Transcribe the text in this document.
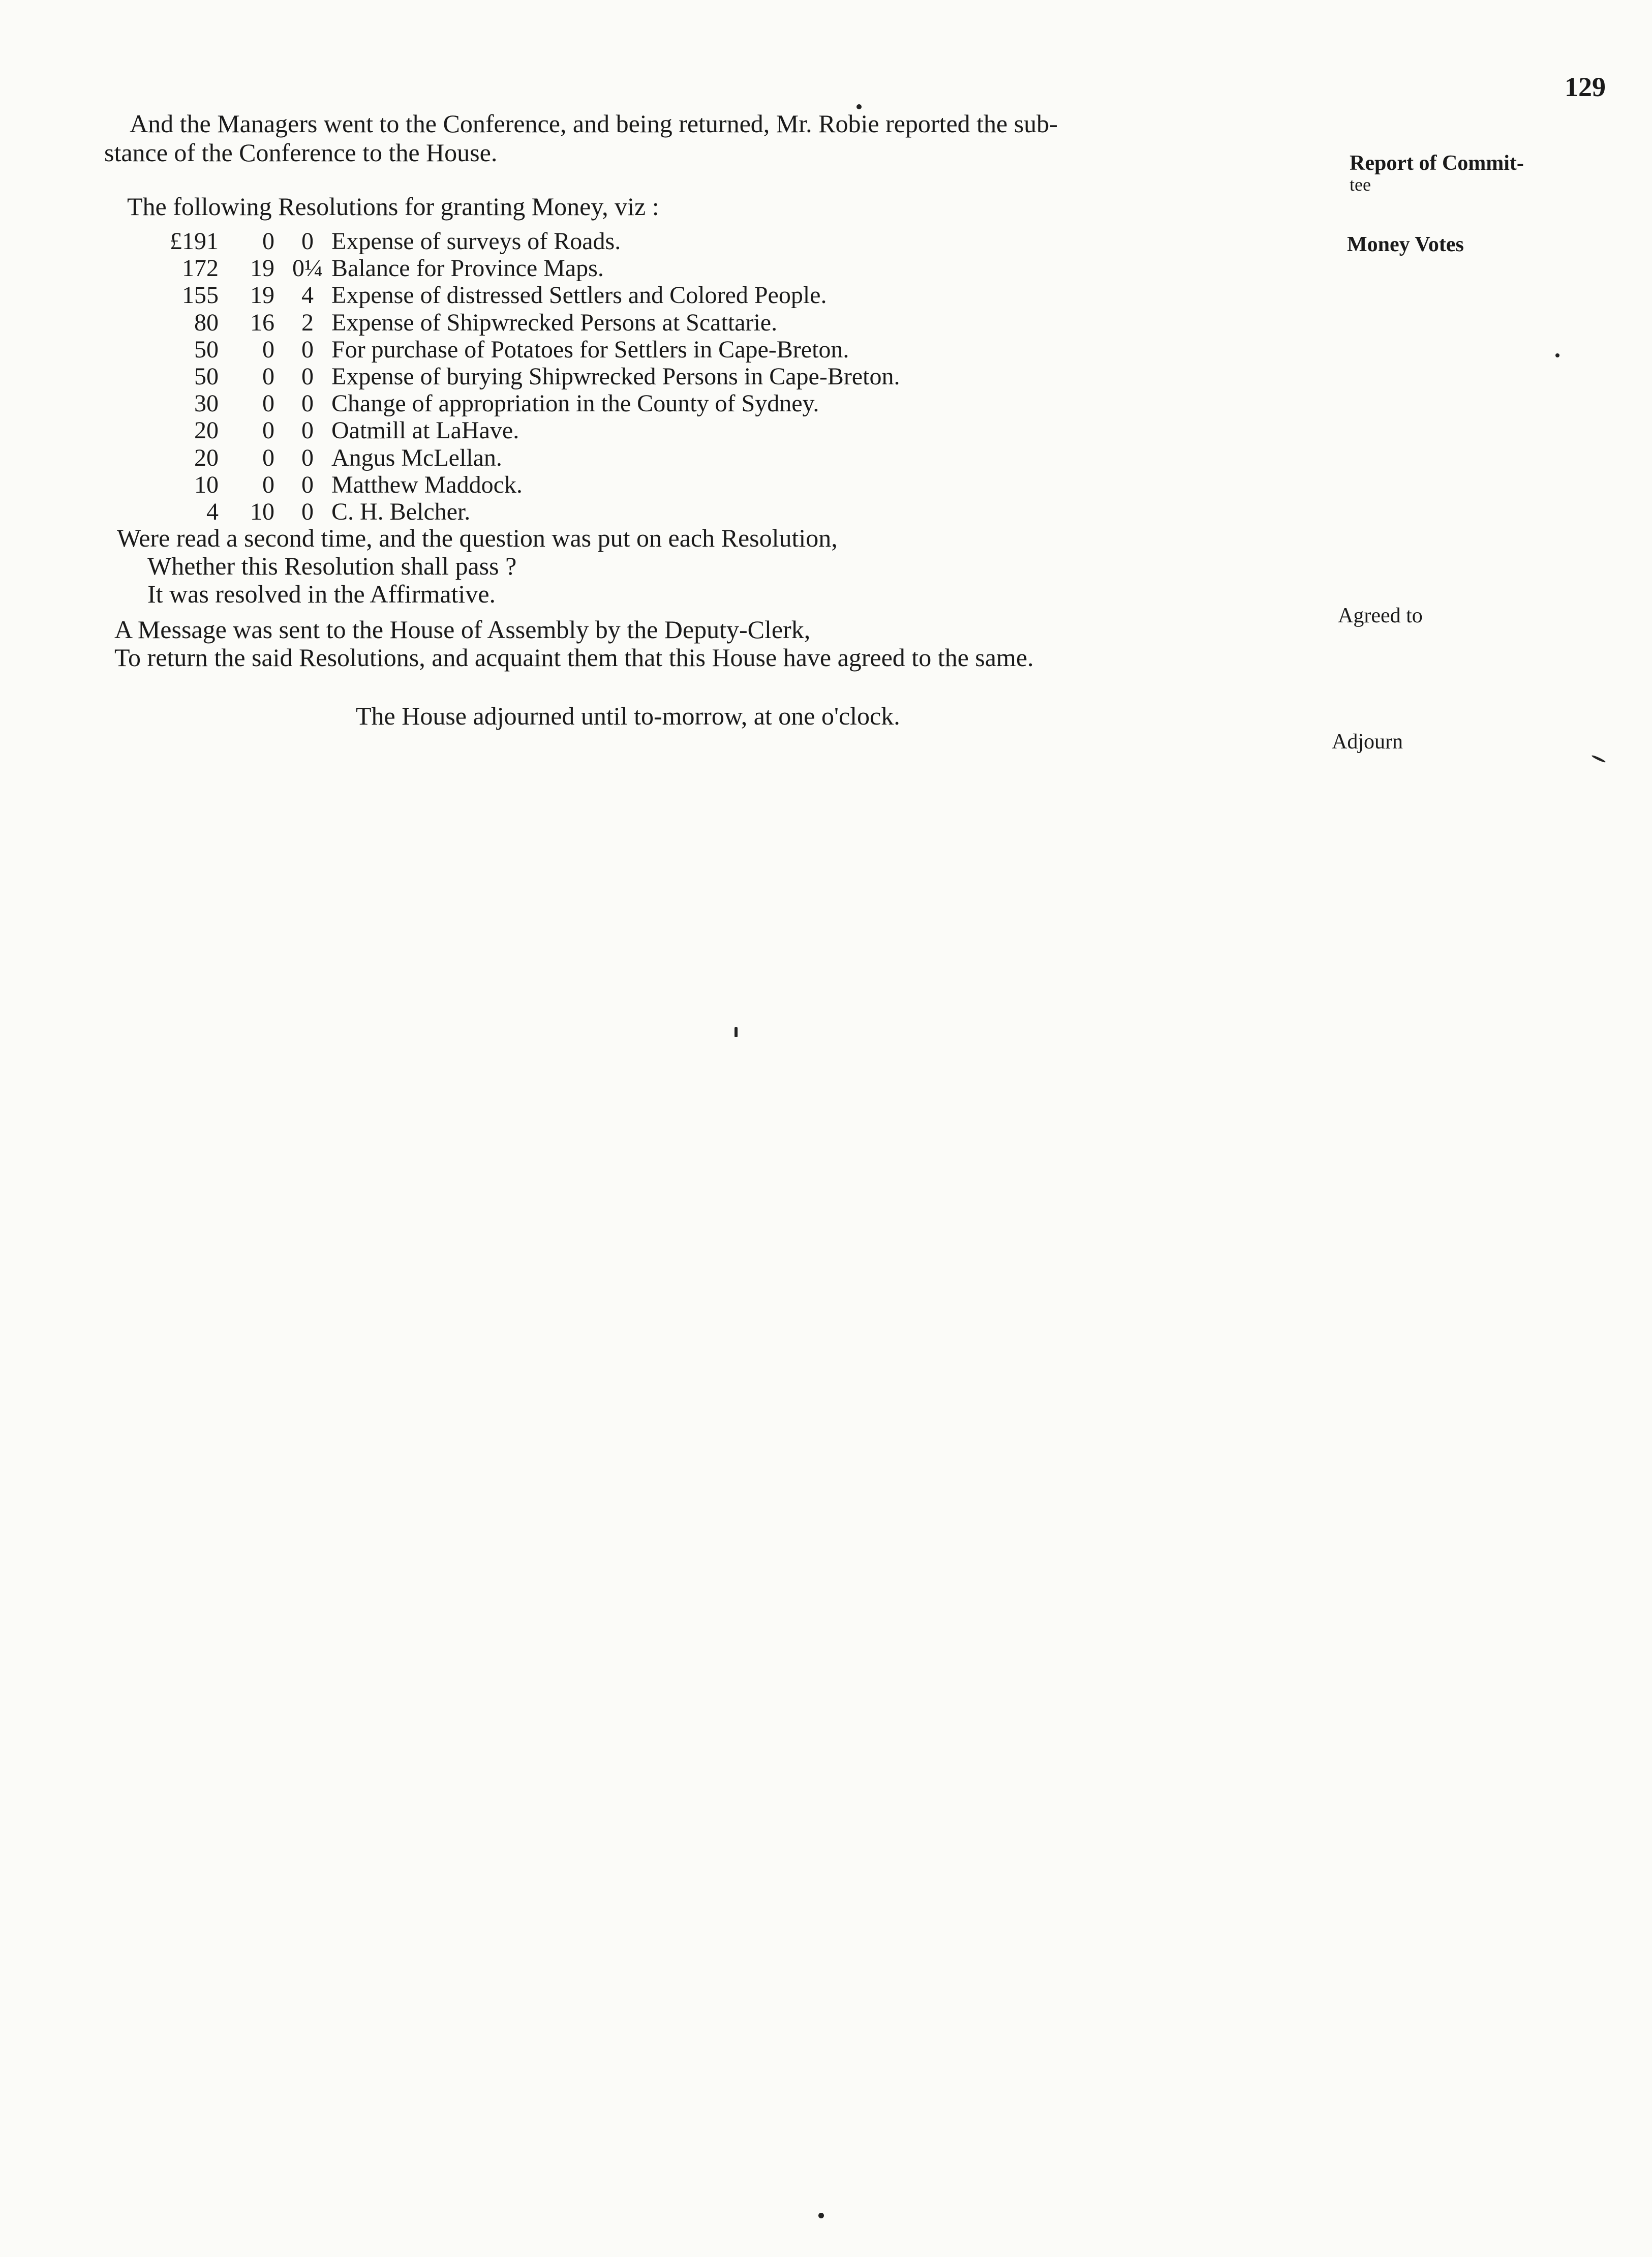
129
And the Managers went to the Conference, and being returned, Mr. Robie reported the sub-
stance of the Conference to the House.	Report of Commit-
tee
The following Resolutions for granting Money, viz :
Money Votes
£191	0	0 Expense of surveys of Roads.
172	19 0¼ Balance for Province Maps.
155	19	4 Expense of distressed Settlers and Colored People.
80	16	2 Expense of Shipwrecked Persons at Scattarie.
50	0	0 For purchase of Potatoes for Settlers in Cape-Breton.
50	0	0 Expense of burying Shipwrecked Persons in Cape-Breton.
30	0	0 Change of appropriation in the County of Sydney.
20	0	0 Oatmill at LaHave.
20	0	0 Angus McLellan.
10	0	0 Matthew Maddock.
4	10	0 C. H. Belcher.
Were read a second time, and the question was put on each Resolution,
Whether this Resolution shall pass ?
It was resolved in the Affirmative.
A Message was sent to the House of Assembly by the Deputy-Clerk,
To return the said Resolutions, and acquaint them that this House have agreed to the same.
Agreed to
The House adjourned until to-morrow, at one o'clock.
Adjourn
